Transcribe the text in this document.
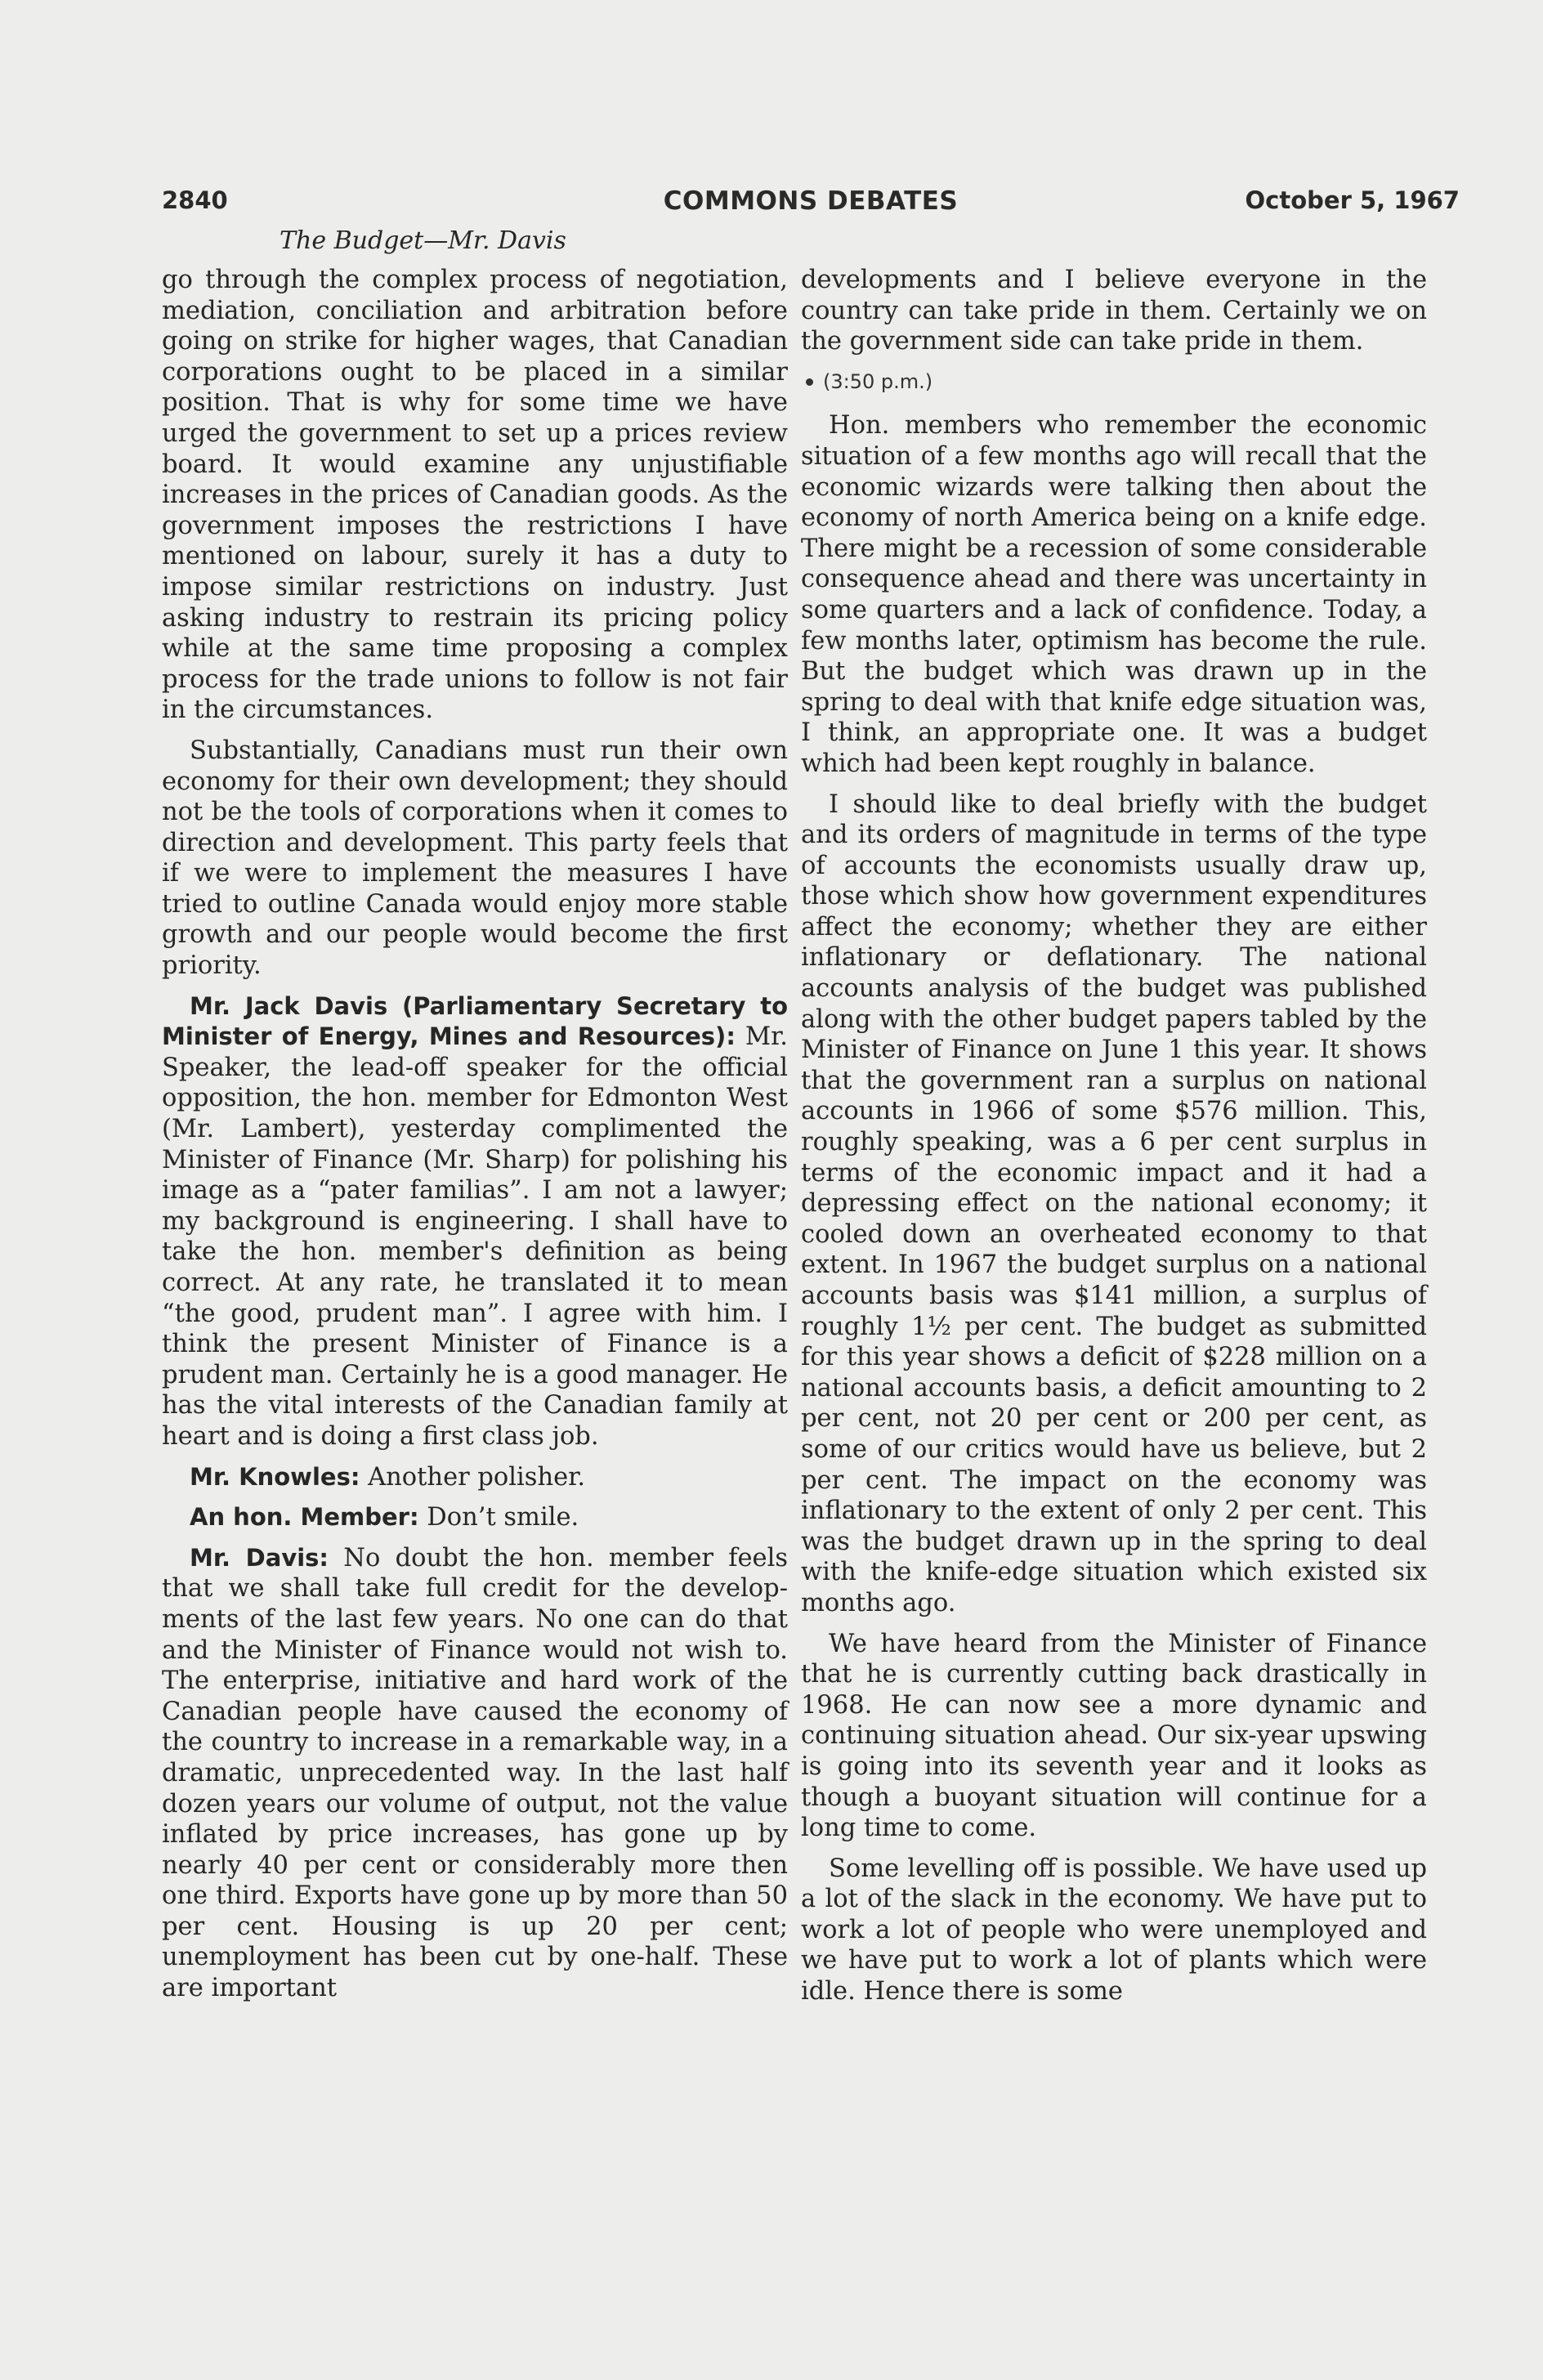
2840	COMMONS DEBATES	October 5, 1967
The Budget—Mr. Davis

go through the complex process of negotiation, mediation, conciliation and arbitration before going on strike for higher wages, that Canadian corporations ought to be placed in a similar position. That is why for some time we have urged the government to set up a prices review board. It would examine any unjustifiable increases in the prices of Canadian goods. As the government imposes the restrictions I have mentioned on labour, surely it has a duty to impose similar restrictions on industry. Just asking industry to restrain its pricing policy while at the same time proposing a complex process for the trade unions to follow is not fair in the circumstances.

Substantially, Canadians must run their own economy for their own development; they should not be the tools of corporations when it comes to direction and development. This party feels that if we were to implement the measures I have tried to outline Canada would enjoy more stable growth and our people would become the first priority.

Mr. Jack Davis (Parliamentary Secretary to Minister of Energy, Mines and Resources): Mr. Speaker, the lead-off speaker for the official opposition, the hon. member for Edmonton West (Mr. Lambert), yesterday complimented the Minister of Finance (Mr. Sharp) for polishing his image as a “pater familias”. I am not a lawyer; my background is engineering. I shall have to take the hon. member's definition as being correct. At any rate, he translated it to mean “the good, prudent man”. I agree with him. I think the present Minister of Finance is a prudent man. Certainly he is a good manager. He has the vital interests of the Canadian family at heart and is doing a first class job.

Mr. Knowles: Another polisher.

An hon. Member: Don’t smile.

Mr. Davis: No doubt the hon. member feels that we shall take full credit for the developments of the last few years. No one can do that and the Minister of Finance would not wish to. The enterprise, initiative and hard work of the Canadian people have caused the economy of the country to increase in a remarkable way, in a dramatic, unprecedented way. In the last half dozen years our volume of output, not the value inflated by price increases, has gone up by nearly 40 per cent or considerably more then one third. Exports have gone up by more than 50 per cent. Housing is up 20 per cent; unemployment has been cut by one-half. These are important

developments and I believe everyone in the country can take pride in them. Certainly we on the government side can take pride in them.

(3:50 p.m.)

Hon. members who remember the economic situation of a few months ago will recall that the economic wizards were talking then about the economy of north America being on a knife edge. There might be a recession of some considerable consequence ahead and there was uncertainty in some quarters and a lack of confidence. Today, a few months later, optimism has become the rule. But the budget which was drawn up in the spring to deal with that knife edge situation was, I think, an appropriate one. It was a budget which had been kept roughly in balance.

I should like to deal briefly with the budget and its orders of magnitude in terms of the type of accounts the economists usually draw up, those which show how government expenditures affect the economy; whether they are either inflationary or deflationary. The national accounts analysis of the budget was published along with the other budget papers tabled by the Minister of Finance on June 1 this year. It shows that the government ran a surplus on national accounts in 1966 of some $576 million. This, roughly speaking, was a 6 per cent surplus in terms of the economic impact and it had a depressing effect on the national economy; it cooled down an overheated economy to that extent. In 1967 the budget surplus on a national accounts basis was $141 million, a surplus of roughly 1½ per cent. The budget as submitted for this year shows a deficit of $228 million on a national accounts basis, a deficit amounting to 2 per cent, not 20 per cent or 200 per cent, as some of our critics would have us believe, but 2 per cent. The impact on the economy was inflationary to the extent of only 2 per cent. This was the budget drawn up in the spring to deal with the knife-edge situation which existed six months ago.

We have heard from the Minister of Finance that he is currently cutting back drastically in 1968. He can now see a more dynamic and continuing situation ahead. Our six-year upswing is going into its seventh year and it looks as though a buoyant situation will continue for a long time to come.

Some levelling off is possible. We have used up a lot of the slack in the economy. We have put to work a lot of people who were unemployed and we have put to work a lot of plants which were idle. Hence there is some
